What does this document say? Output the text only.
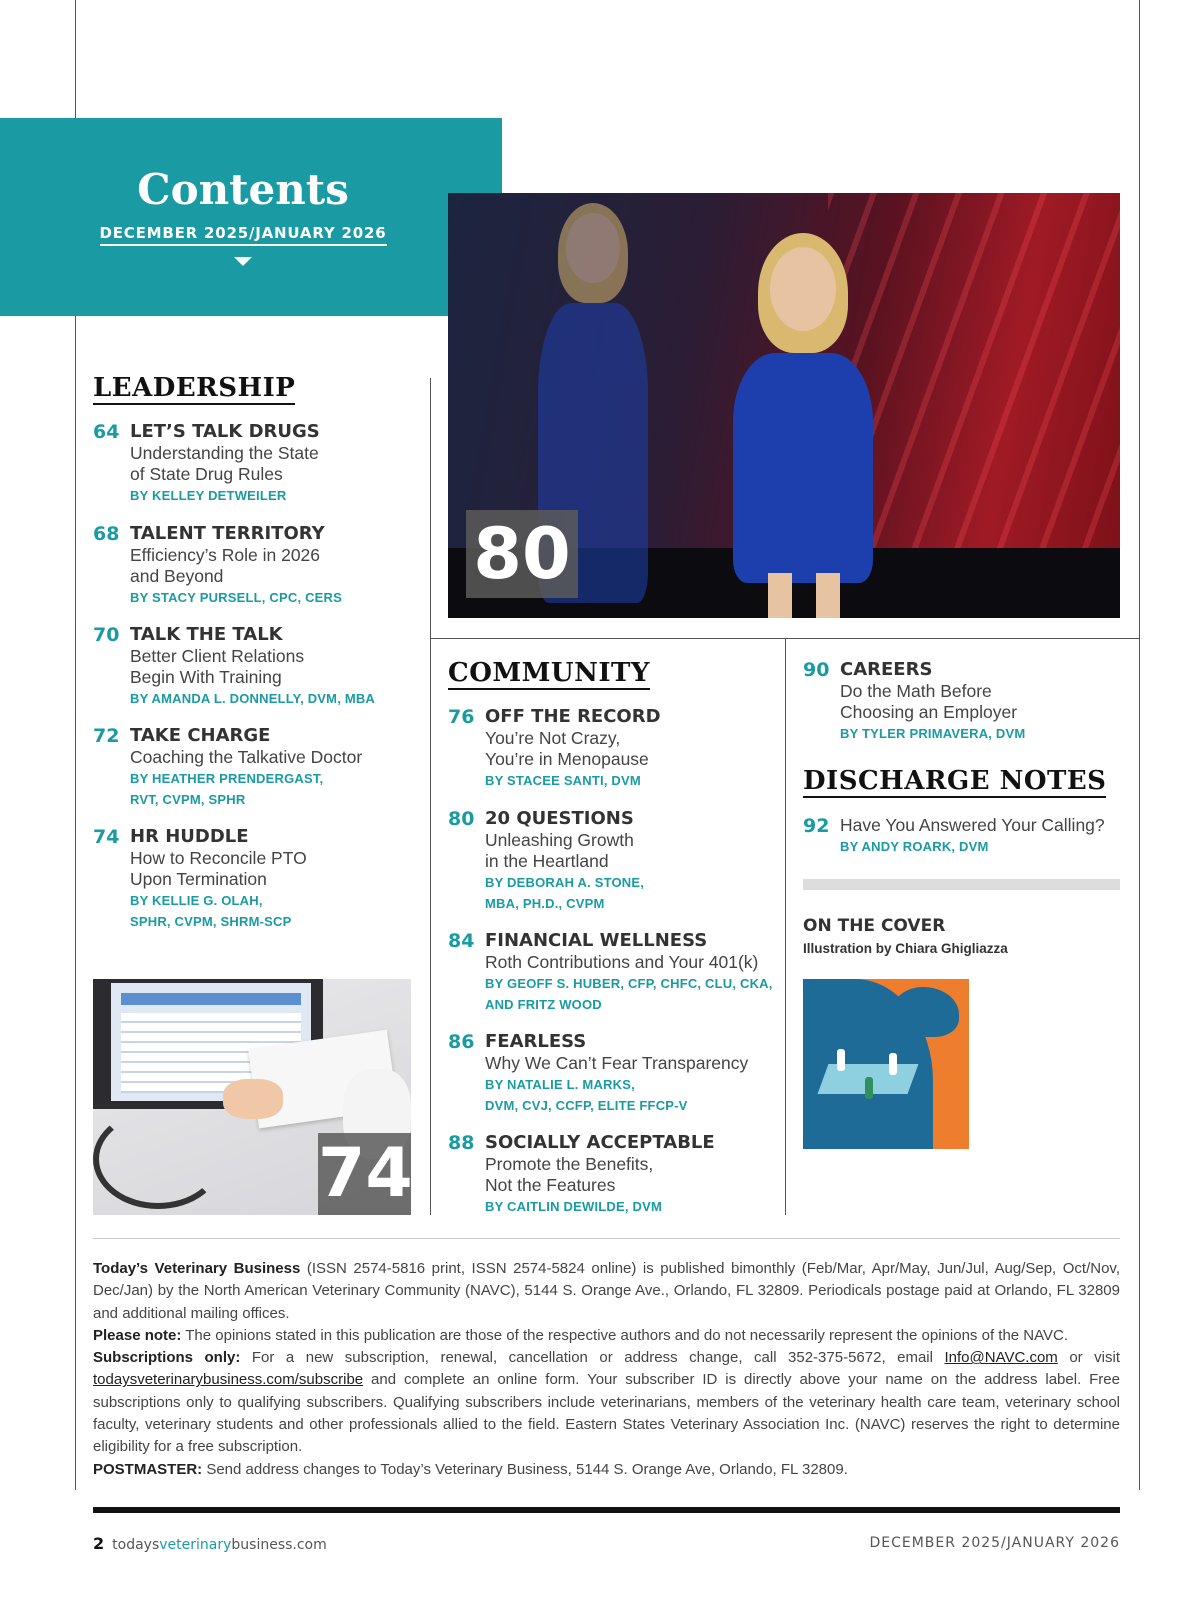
Contents
DECEMBER 2025/JANUARY 2026
80
LEADERSHIP
64 LET’S TALK DRUGS
Understanding the State
of State Drug Rules
BY KELLEY DETWEILER
68 TALENT TERRITORY
Efficiency’s Role in 2026
and Beyond
BY STACY PURSELL, CPC, CERS
70 TALK THE TALK
Better Client Relations
Begin With Training
BY AMANDA L. DONNELLY, DVM, MBA
72 TAKE CHARGE
Coaching the Talkative Doctor
BY HEATHER PRENDERGAST,
RVT, CVPM, SPHR
74 HR HUDDLE
How to Reconcile PTO
Upon Termination
BY KELLIE G. OLAH,
SPHR, CVPM, SHRM-SCP
74
COMMUNITY
76 OFF THE RECORD
You’re Not Crazy,
You’re in Menopause
BY STACEE SANTI, DVM
80 20 QUESTIONS
Unleashing Growth
in the Heartland
BY DEBORAH A. STONE,
MBA, PH.D., CVPM
84 FINANCIAL WELLNESS
Roth Contributions and Your 401(k)
BY GEOFF S. HUBER, CFP, CHFC, CLU, CKA,
AND FRITZ WOOD
86 FEARLESS
Why We Can’t Fear Transparency
BY NATALIE L. MARKS,
DVM, CVJ, CCFP, ELITE FFCP-V
88 SOCIALLY ACCEPTABLE
Promote the Benefits,
Not the Features
BY CAITLIN DEWILDE, DVM
90 CAREERS
Do the Math Before
Choosing an Employer
BY TYLER PRIMAVERA, DVM
DISCHARGE NOTES
92 Have You Answered Your Calling?
BY ANDY ROARK, DVM
ON THE COVER
Illustration by Chiara Ghigliazza

Today’s Veterinary Business (ISSN 2574-5816 print, ISSN 2574-5824 online) is published bimonthly (Feb/Mar, Apr/May, Jun/Jul, Aug/Sep, Oct/Nov, Dec/Jan) by the North American Veterinary Community (NAVC), 5144 S. Orange Ave., Orlando, FL 32809. Periodicals postage paid at Orlando, FL 32809 and additional mailing offices.

Please note: The opinions stated in this publication are those of the respective authors and do not necessarily represent the opinions of the NAVC.

Subscriptions only: For a new subscription, renewal, cancellation or address change, call 352-375-5672, email Info@NAVC.com or visit todaysveterinarybusiness.com/subscribe and complete an online form. Your subscriber ID is directly above your name on the address label. Free subscriptions only to qualifying subscribers. Qualifying subscribers include veterinarians, members of the veterinary health care team, veterinary school faculty, veterinary students and other professionals allied to the field. Eastern States Veterinary Association Inc. (NAVC) reserves the right to determine eligibility for a free subscription.

POSTMASTER: Send address changes to Today’s Veterinary Business, 5144 S. Orange Ave, Orlando, FL 32809.

2 todaysveterinarybusiness.com	DECEMBER 2025/JANUARY 2026
